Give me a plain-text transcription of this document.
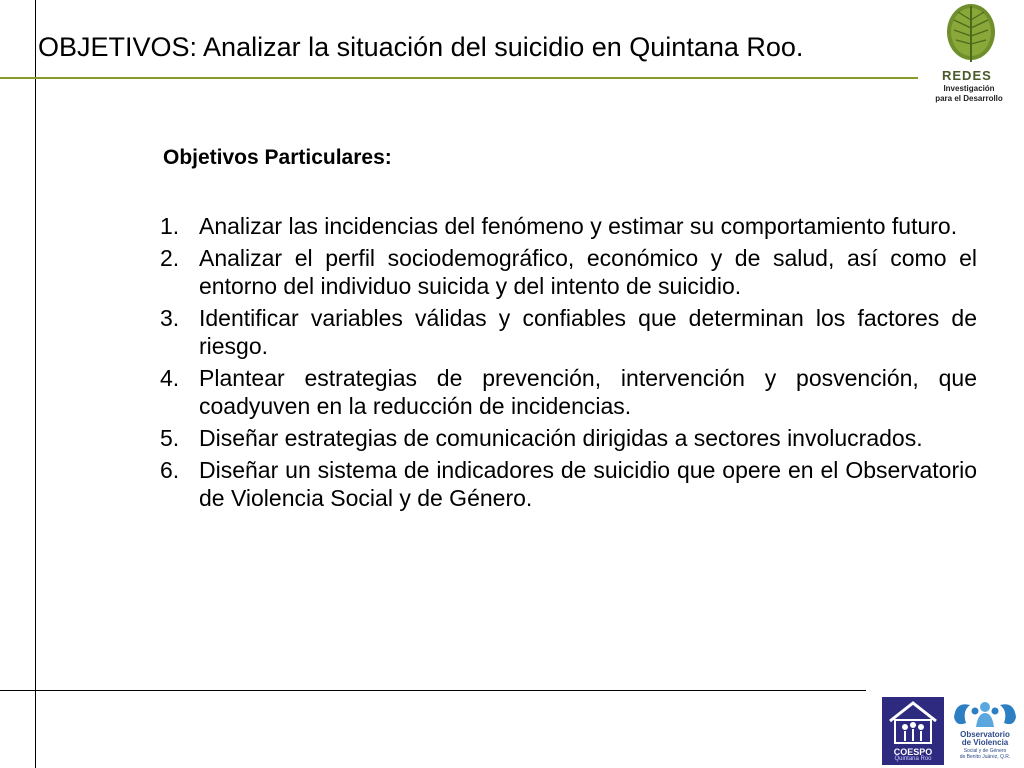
OBJETIVOS: Analizar la situación del suicidio en Quintana Roo.
Objetivos Particulares:
1. Analizar las incidencias del fenómeno y estimar su comportamiento futuro.
2. Analizar el perfil sociodemográfico, económico y de salud, así como el entorno del individuo suicida y del intento de suicidio.
3. Identificar variables válidas y confiables que determinan los factores de riesgo.
4. Plantear estrategias de prevención, intervención y posvención, que coadyuven en la reducción de incidencias.
5. Diseñar estrategias de comunicación dirigidas a sectores involucrados.
6. Diseñar un sistema de indicadores de suicidio que opere en el Observatorio de Violencia Social y de Género.
REDES
Investigación
para el Desarrollo
COESPO
Quintana Roo
Observatorio
de Violencia
Social y de Género
de Benito Juárez, Q.R.
